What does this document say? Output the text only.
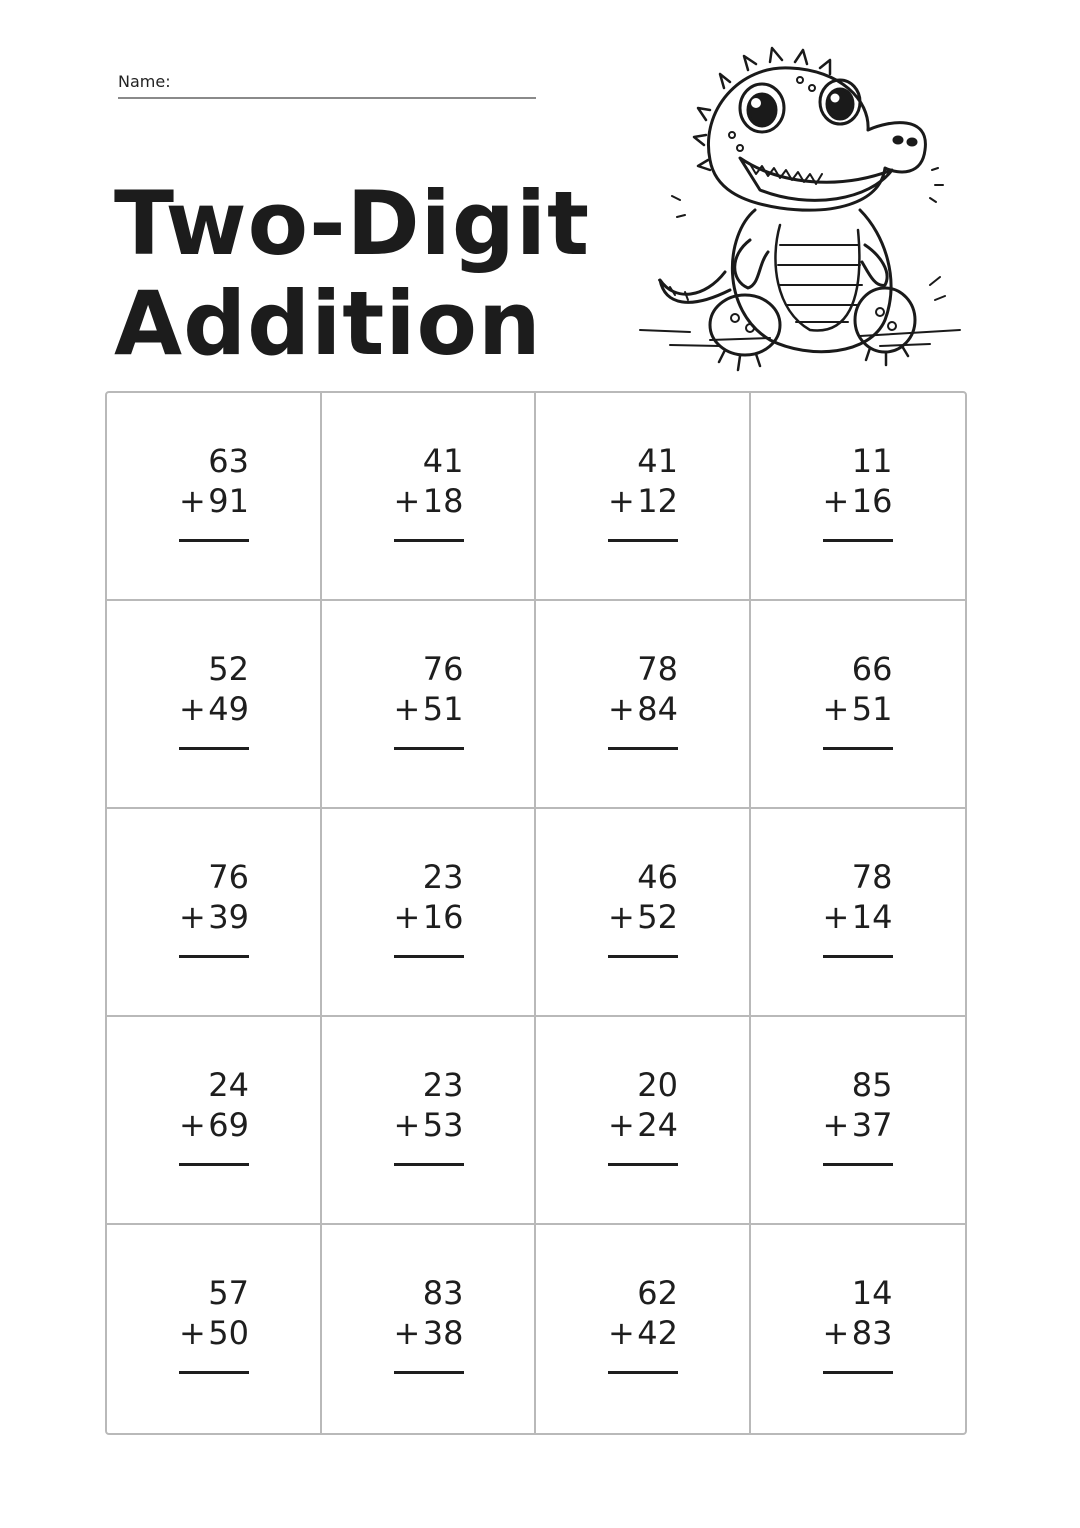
Name:
Two-Digit
Addition
63
+ 91
41
+ 18
41
+ 12
11
+ 16
52
+ 49
76
+ 51
78
+ 84
66
+ 51
76
+ 39
23
+ 16
46
+ 52
78
+ 14
24
+ 69
23
+ 53
20
+ 24
85
+ 37
57
+ 50
83
+ 38
62
+ 42
14
+ 83
